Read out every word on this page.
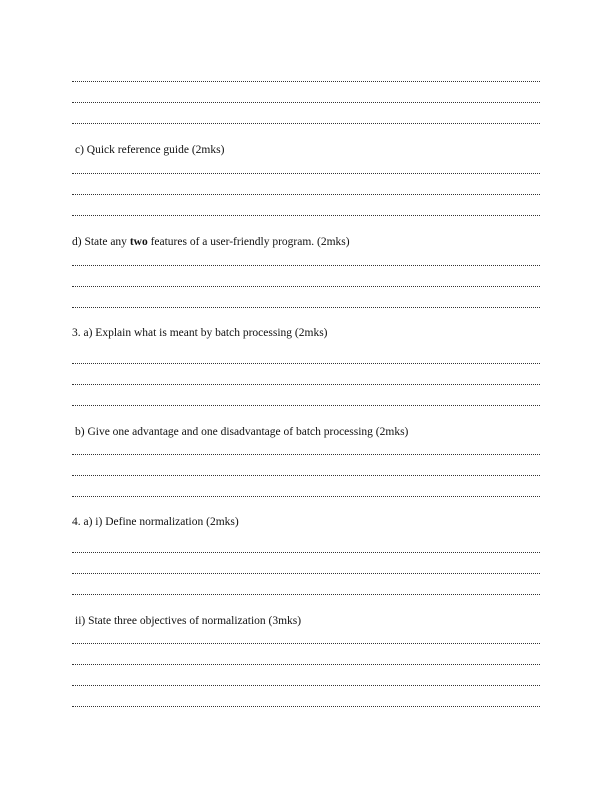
c) Quick reference guide (2mks)
d) State any two features of a user-friendly program. (2mks)
3. a) Explain what is meant by batch processing (2mks)
b) Give one advantage and one disadvantage of batch processing (2mks)
4. a) i) Define normalization (2mks)
ii) State three objectives of normalization (3mks)
